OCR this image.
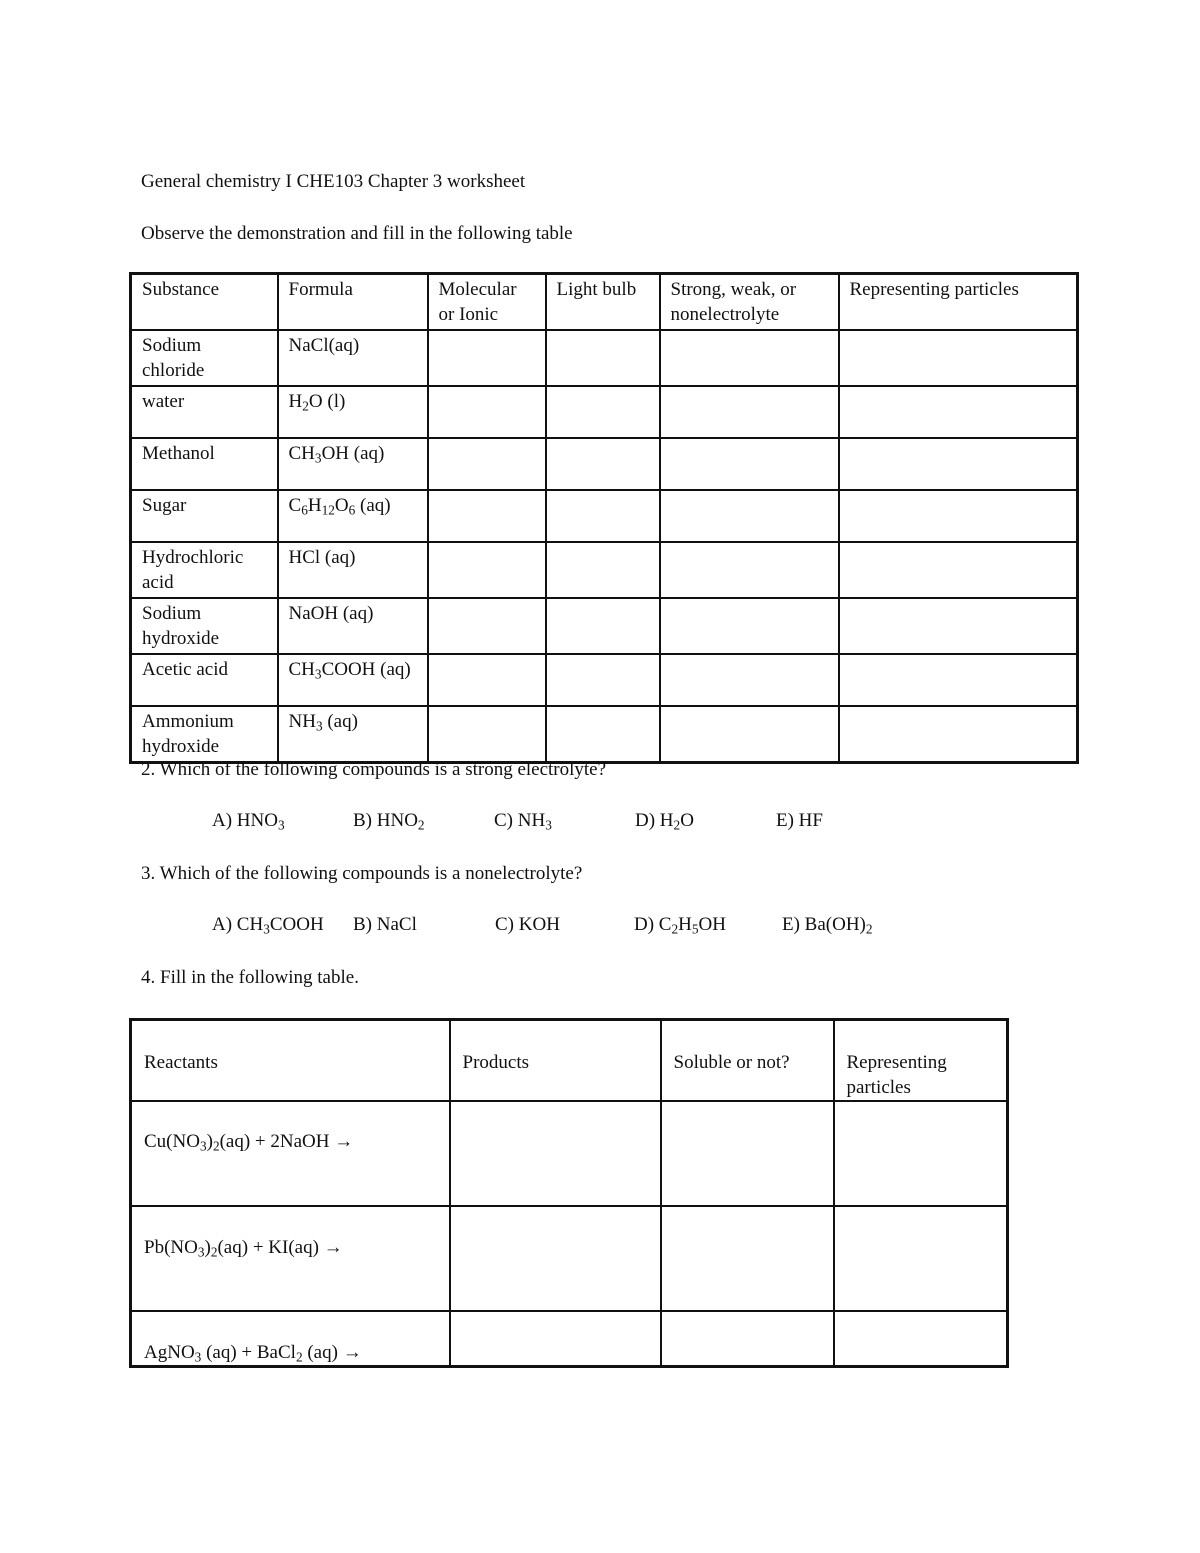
General chemistry I CHE103 Chapter 3 worksheet
Observe the demonstration and fill in the following table
Substance	Formula	Molecular or Ionic	Light bulb	Strong, weak, or nonelectrolyte	Representing particles
Sodium chloride	NaCl(aq)				
water	$H_2O$ (l)				
Methanol	$CH_3OH$ (aq)				
Sugar	$C_6H_{12}O_6$ (aq)				
Hydrochloric acid	HCl (aq)				
Sodium hydroxide	NaOH (aq)				
Acetic acid	$CH_3COOH$ (aq)				
Ammonium hydroxide	$NH_3$ (aq)				
2. Which of the following compounds is a strong electrolyte?
A) $HNO_3$	B) $HNO_2$	C) $NH_3$	D) $H_2O$	E) HF
3. Which of the following compounds is a nonelectrolyte?
A) $CH_3COOH$ B) NaCl	C) KOH	D) $C_2H_5OH$	E) $Ba(OH)_2$
4. Fill in the following table.
Reactants	Products	Soluble or not?	Representing particles
$Cu(NO_3)_2(aq)$ + 2NaOH →			
$Pb(NO_3)_2(aq) + KI(aq)$ →			
AgNO$_3$ (aq) + BaCl$_2$ (aq) →			
